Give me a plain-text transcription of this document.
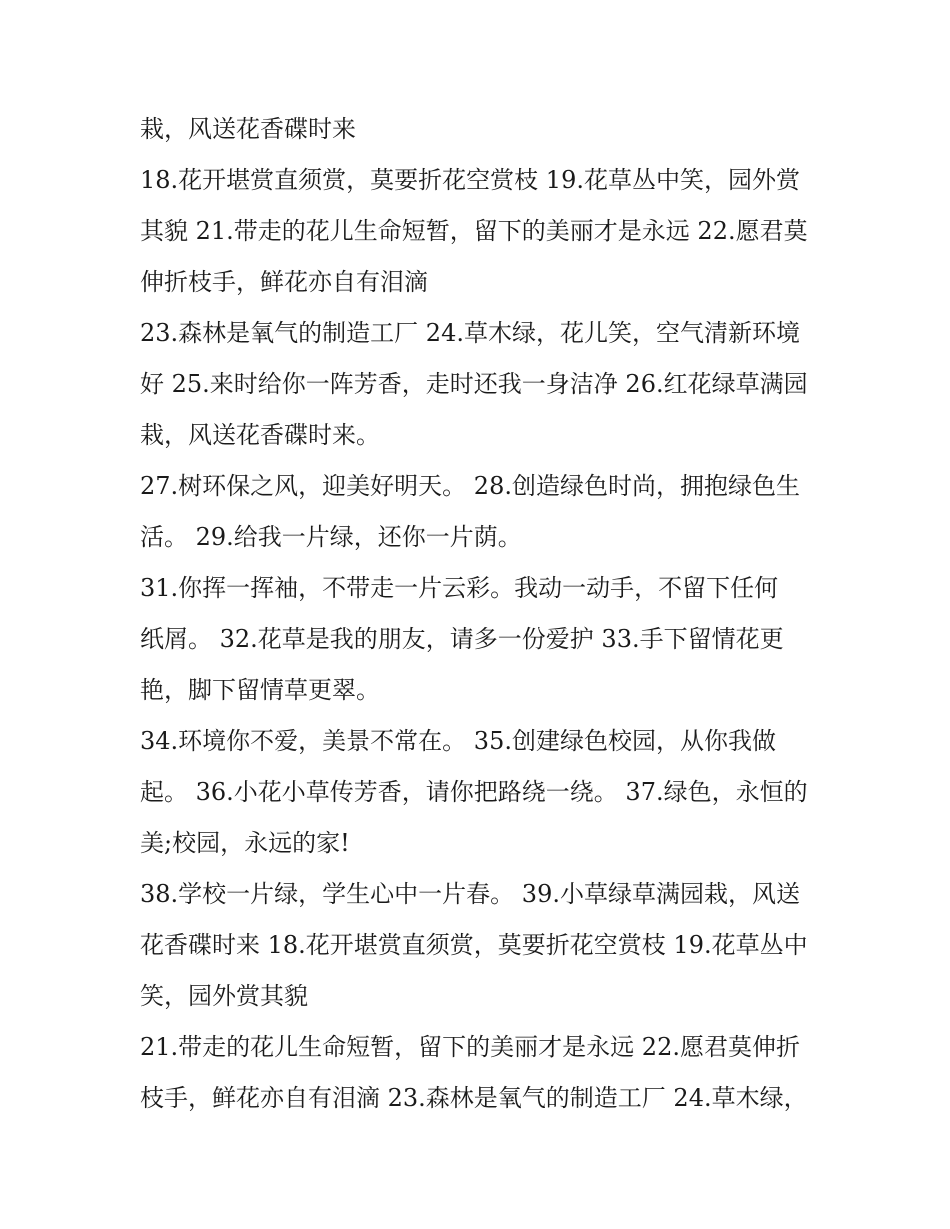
栽，风送花香碟时来
18.花开堪赏直须赏，莫要折花空赏枝 19.花草丛中笑，园外赏
其貌 21.带走的花儿生命短暂，留下的美丽才是永远 22.愿君莫
伸折枝手，鲜花亦自有泪滴
23.森林是氧气的制造工厂 24.草木绿，花儿笑，空气清新环境
好 25.来时给你一阵芳香，走时还我一身洁净 26.红花绿草满园
栽，风送花香碟时来。
27.树环保之风，迎美好明天。 28.创造绿色时尚，拥抱绿色生
活。 29.给我一片绿，还你一片荫。
31.你挥一挥袖，不带走一片云彩。我动一动手，不留下任何
纸屑。 32.花草是我的朋友，请多一份爱护 33.手下留情花更
艳，脚下留情草更翠。
34.环境你不爱，美景不常在。 35.创建绿色校园，从你我做
起。 36.小花小草传芳香，请你把路绕一绕。 37.绿色，永恒的
美;校园，永远的家!
38.学校一片绿，学生心中一片春。 39.小草绿草满园栽，风送
花香碟时来 18.花开堪赏直须赏，莫要折花空赏枝 19.花草丛中
笑，园外赏其貌
21.带走的花儿生命短暂，留下的美丽才是永远 22.愿君莫伸折
枝手，鲜花亦自有泪滴 23.森林是氧气的制造工厂 24.草木绿，
